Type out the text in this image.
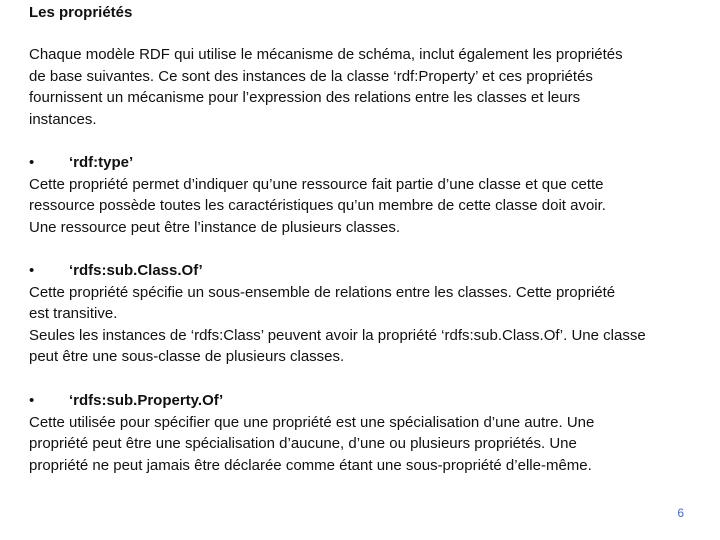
Les propriétés

Chaque modèle RDF qui utilise le mécanisme de schéma, inclut également les propriétés
de base suivantes. Ce sont des instances de la classe ‘rdf:Property’ et ces propriétés
fournissent un mécanisme pour l’expression des relations entre les classes et leurs
instances.

• ‘rdf:type’
Cette propriété permet d’indiquer qu’une ressource fait partie d’une classe et que cette
ressource possède toutes les caractéristiques qu’un membre de cette classe doit avoir.
Une ressource peut être l’instance de plusieurs classes.
• ‘rdfs:sub.Class.Of’
Cette propriété spécifie un sous-ensemble de relations entre les classes. Cette propriété
est transitive.
Seules les instances de ‘rdfs:Class’ peuvent avoir la propriété ‘rdfs:sub.Class.Of’. Une classe
peut être une sous-classe de plusieurs classes.
• ‘rdfs:sub.Property.Of’
Cette utilisée pour spécifier que une propriété est une spécialisation d’une autre. Une
propriété peut être une spécialisation d’aucune, d’une ou plusieurs propriétés. Une
propriété ne peut jamais être déclarée comme étant une sous-propriété d’elle-même.
6
